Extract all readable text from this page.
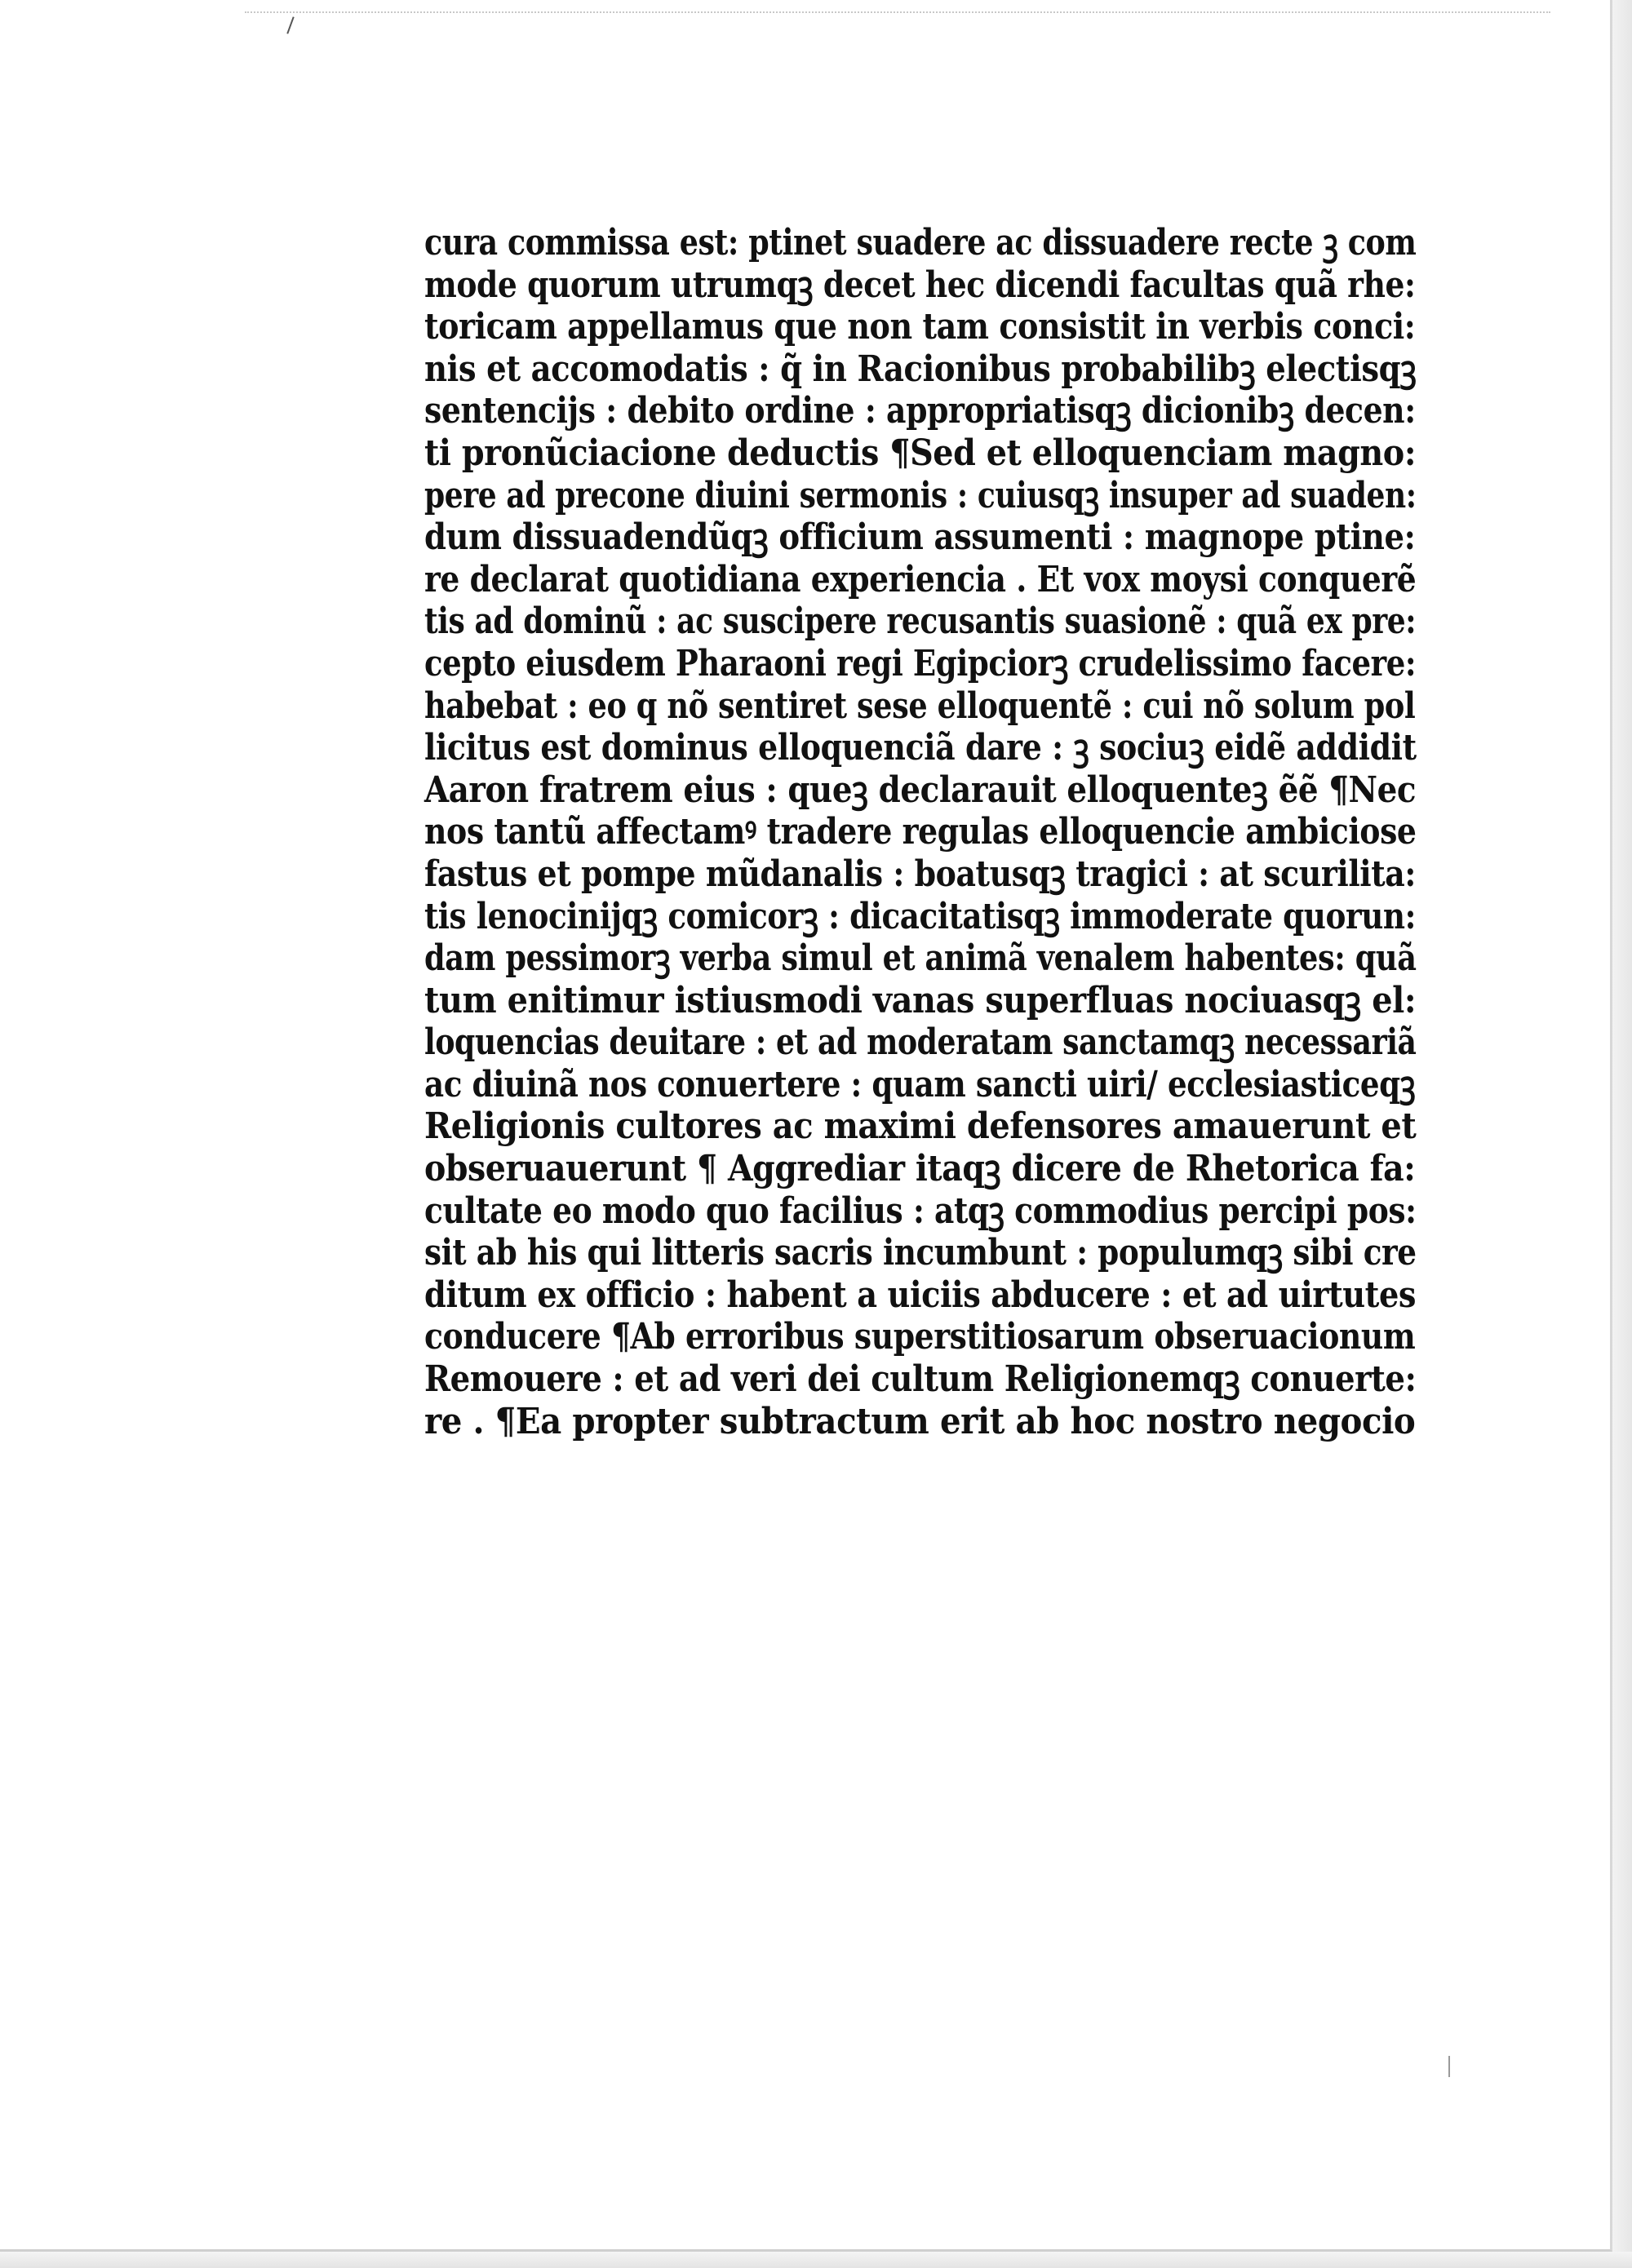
cura commissa est: ptinet suadere ac dissuadere recte ꝫ com
mode quorum utrumqꝫ decet hec dicendi facultas quã rhe:
toricam appellamus que non tam consistit in verbis conci:
nis et accomodatis : q̃ in Racionibus probabilibꝫ electisqꝫ
sentencijs : debito ordine : appropriatisqꝫ dicionibꝫ decen:
ti pronũciacione deductis ¶Sed et elloquenciam magno:
pere ad precone diuini sermonis : cuiusqꝫ insuper ad suaden:
dum dissuadendũqꝫ officium assumenti : magnope ptine:
re declarat quotidiana experiencia . Et vox moysi conquerẽ
tis ad dominũ : ac suscipere recusantis suasionẽ : quã ex pre:
cepto eiusdem Pharaoni regi Egipciorꝫ crudelissimo facere:
habebat : eo q nõ sentiret sese elloquentẽ : cui nõ solum pol
licitus est dominus elloquenciã dare : ꝫ sociuꝫ eidẽ addidit
Aaron fratrem eius : queꝫ declarauit elloquenteꝫ ẽẽ ¶Nec
nos tantũ affectamꝰ tradere regulas elloquencie ambiciose
fastus et pompe mũdanalis : boatusqꝫ tragici : at scurilita:
tis lenocinijqꝫ comicorꝫ : dicacitatisqꝫ immoderate quorun:
dam pessimorꝫ verba simul et animã venalem habentes: quã
tum enitimur istiusmodi vanas superfluas nociuasqꝫ el:
loquencias deuitare : et ad moderatam sanctamqꝫ necessariã
ac diuinã nos conuertere : quam sancti uiri/ ecclesiasticeqꝫ
Religionis cultores ac maximi defensores amauerunt et
obseruauerunt ¶ Aggrediar itaqꝫ dicere de Rhetorica fa:
cultate eo modo quo facilius : atqꝫ commodius percipi pos:
sit ab his qui litteris sacris incumbunt : populumqꝫ sibi cre
ditum ex officio : habent a uiciis abducere : et ad uirtutes
conducere ¶Ab erroribus superstitiosarum obseruacionum
Remouere : et ad veri dei cultum Religionemqꝫ conuerte:
re . ¶Ea propter subtractum erit ab hoc nostro negocio
